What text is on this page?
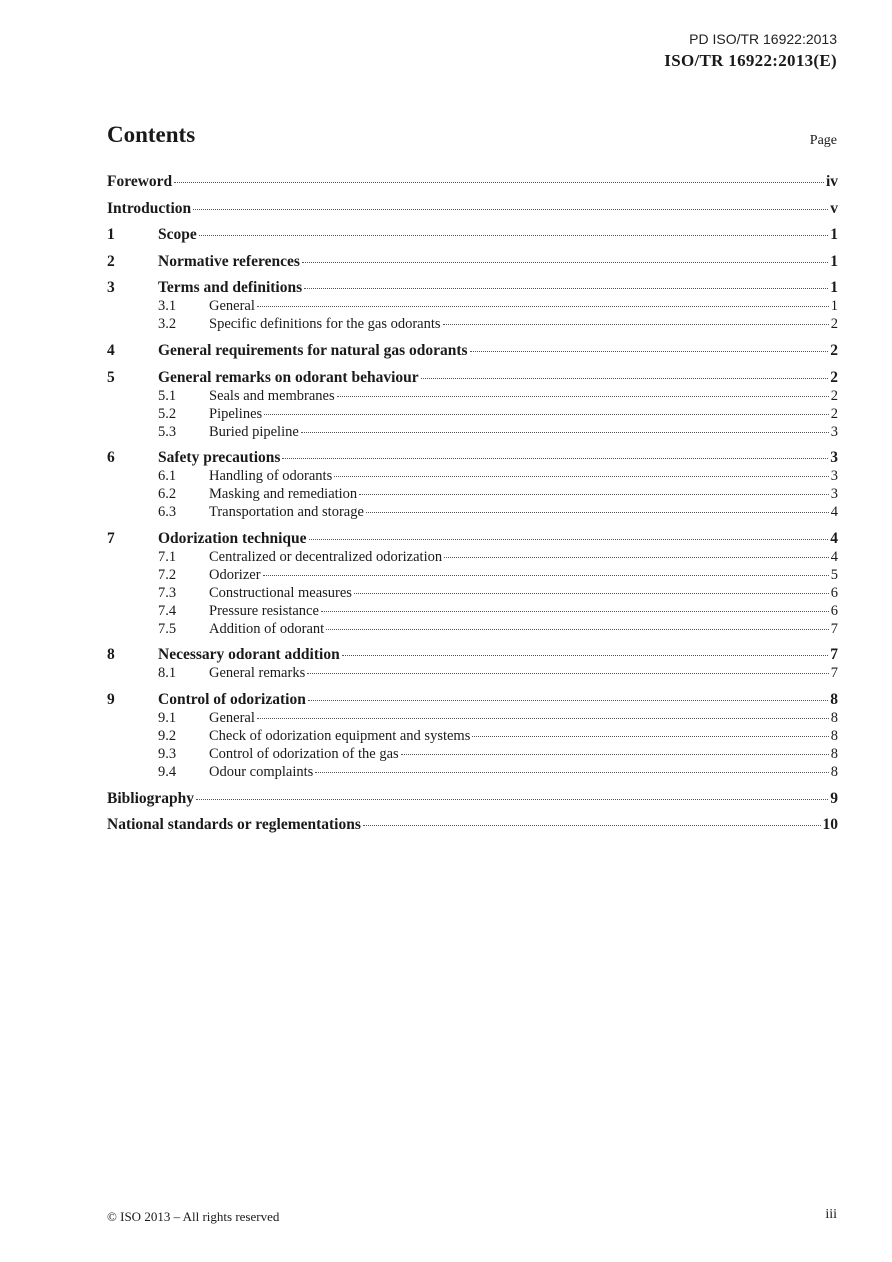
PD ISO/TR 16922:2013
ISO/TR 16922:2013(E)
Contents	Page
Foreword	iv
Introduction	v
1	Scope	1
2	Normative references	1
3	Terms and definitions	1
3.1	General	1
3.2	Specific definitions for the gas odorants	2
4	General requirements for natural gas odorants	2
5	General remarks on odorant behaviour	2
5.1	Seals and membranes	2
5.2	Pipelines	2
5.3	Buried pipeline	3
6	Safety precautions	3
6.1	Handling of odorants	3
6.2	Masking and remediation	3
6.3	Transportation and storage	4
7	Odorization technique	4
7.1	Centralized or decentralized odorization	4
7.2	Odorizer	5
7.3	Constructional measures	6
7.4	Pressure resistance	6
7.5	Addition of odorant	7
8	Necessary odorant addition	7
8.1	General remarks	7
9	Control of odorization	8
9.1	General	8
9.2	Check of odorization equipment and systems	8
9.3	Control of odorization of the gas	8
9.4	Odour complaints	8
Bibliography	9
National standards or reglementations	10
© ISO 2013 – All rights reserved	iii
